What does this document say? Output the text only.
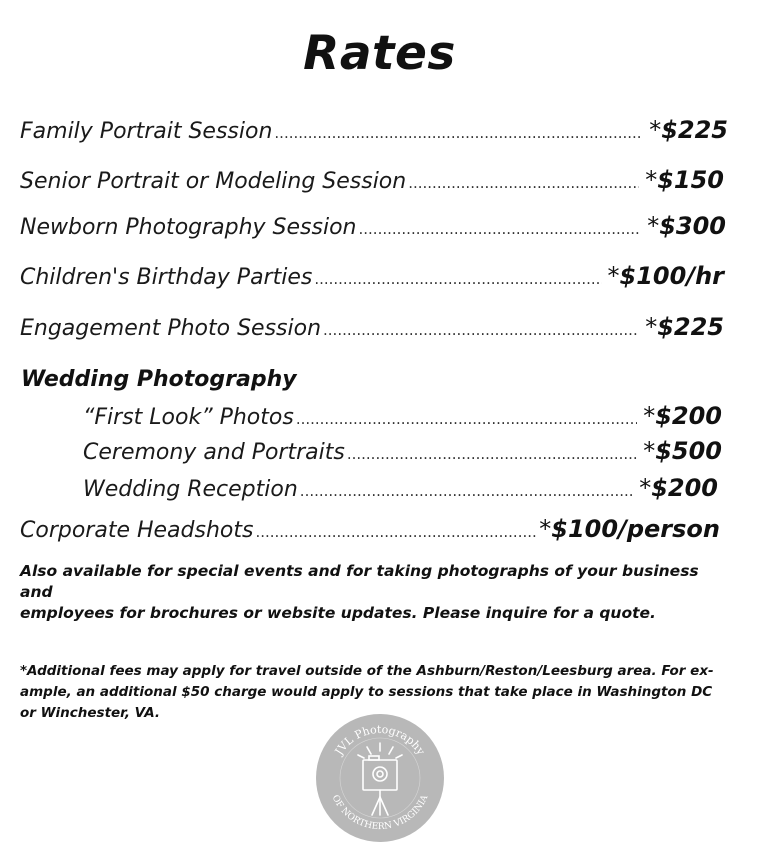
Rates
Family Portrait Session .....	*$225
Senior Portrait or Modeling Session .....	*$150
Newborn Photography Session .....	*$300
Children's Birthday Parties .....	*$100/hr
Engagement Photo Session .....	*$225
Wedding Photography
“First Look” Photos .....	*$200
Ceremony and Portraits .....	*$500
Wedding Reception .....	*$200
Corporate Headshots .....	*$100/person
Also available for special events and for taking photographs of your business and
employees for brochures or website updates. Please inquire for a quote.
*Additional fees may apply for travel outside of the Ashburn/Reston/Leesburg area. For ex-
ample, an additional $50 charge would apply to sessions that take place in Washington DC
or Winchester, VA.
JVL Photography
OF NORTHERN VIRGINIA
